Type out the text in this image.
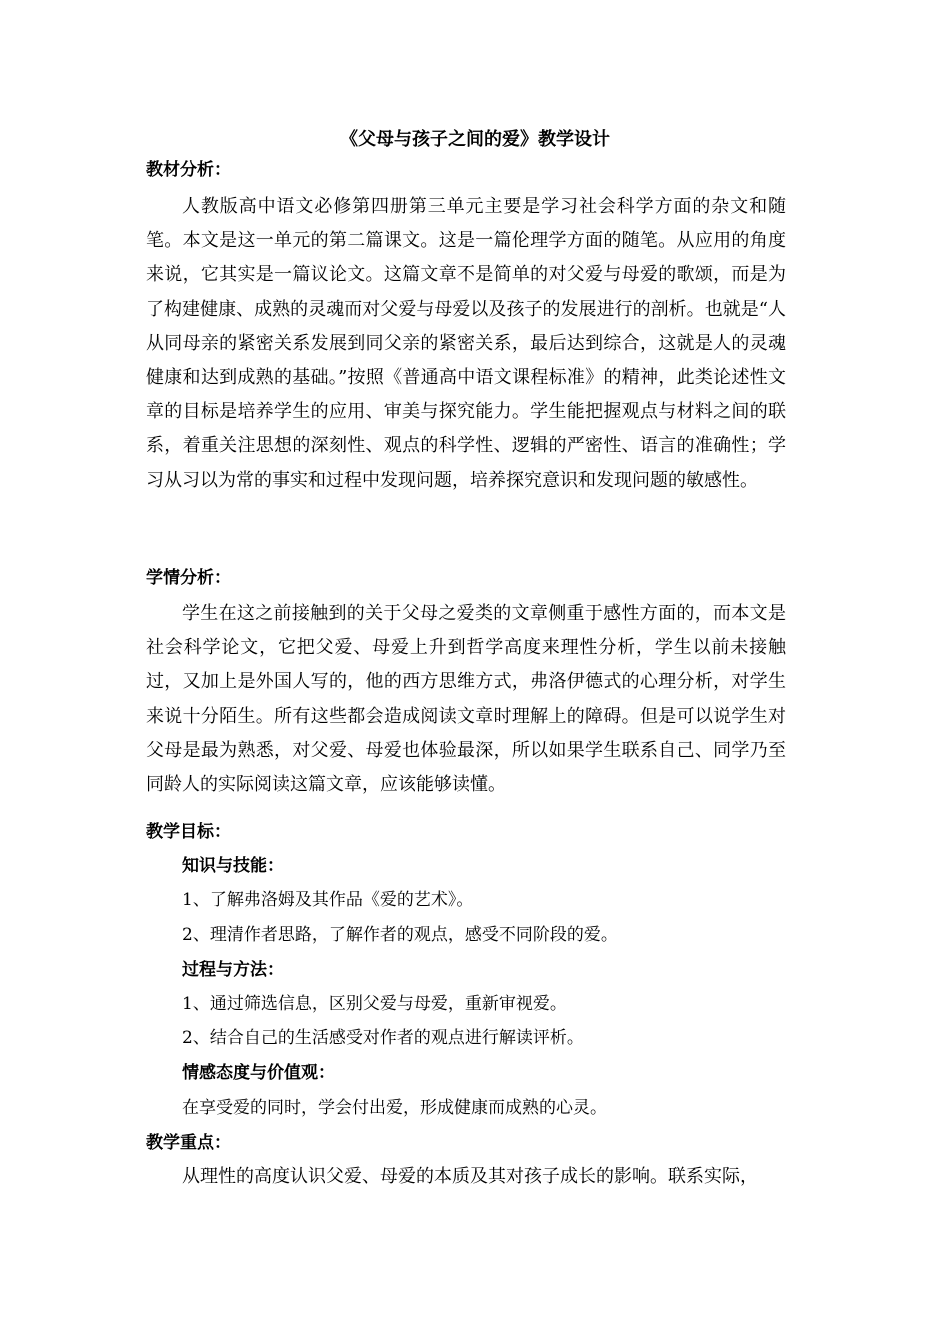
《父母与孩子之间的爱》教学设计
教材分析：

人教版高中语文必修第四册第三单元主要是学习社会科学方面的杂文和随笔。本文是这一单元的第二篇课文。这是一篇伦理学方面的随笔。从应用的角度来说，它其实是一篇议论文。这篇文章不是简单的对父爱与母爱的歌颂，而是为了构建健康、成熟的灵魂而对父爱与母爱以及孩子的发展进行的剖析。也就是“人从同母亲的紧密关系发展到同父亲的紧密关系，最后达到综合，这就是人的灵魂健康和达到成熟的基础。”按照《普通高中语文课程标准》的精神，此类论述性文章的目标是培养学生的应用、审美与探究能力。学生能把握观点与材料之间的联系，着重关注思想的深刻性、观点的科学性、逻辑的严密性、语言的准确性；学习从习以为常的事实和过程中发现问题，培养探究意识和发现问题的敏感性。

学情分析：

学生在这之前接触到的关于父母之爱类的文章侧重于感性方面的，而本文是社会科学论文，它把父爱、母爱上升到哲学高度来理性分析，学生以前未接触过，又加上是外国人写的，他的西方思维方式，弗洛伊德式的心理分析，对学生来说十分陌生。所有这些都会造成阅读文章时理解上的障碍。但是可以说学生对父母是最为熟悉，对父爱、母爱也体验最深，所以如果学生联系自己、同学乃至同龄人的实际阅读这篇文章，应该能够读懂。

教学目标：
知识与技能：
1、了解弗洛姆及其作品《爱的艺术》。
2、理清作者思路，了解作者的观点，感受不同阶段的爱。
过程与方法：
1、通过筛选信息，区别父爱与母爱，重新审视爱。
2、结合自己的生活感受对作者的观点进行解读评析。
情感态度与价值观：
在享受爱的同时，学会付出爱，形成健康而成熟的心灵。
教学重点：

从理性的高度认识父爱、母爱的本质及其对孩子成长的影响。联系实际，
